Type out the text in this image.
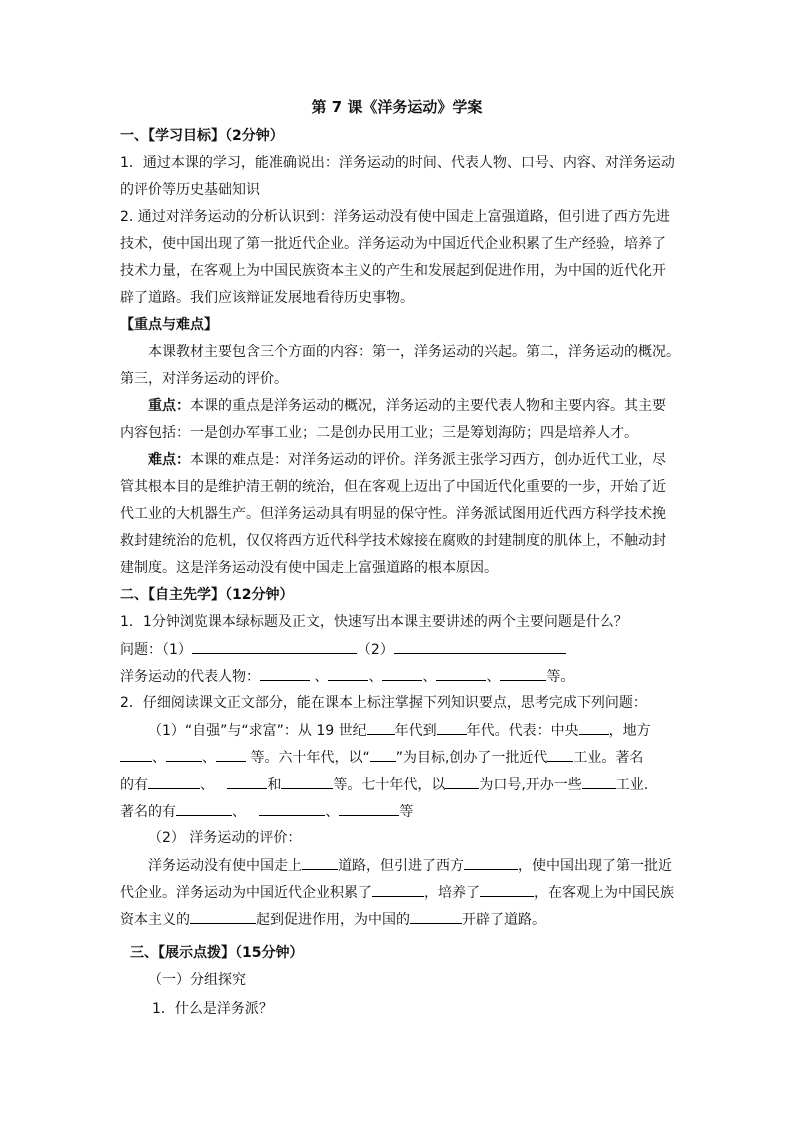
第 7 课《洋务运动》学案
一、【学习目标】（2分钟）
1．通过本课的学习，能准确说出：洋务运动的时间、代表人物、口号、内容、对洋务运动
的评价等历史基础知识
2. 通过对洋务运动的分析认识到：洋务运动没有使中国走上富强道路，但引进了西方先进
技术，使中国出现了第一批近代企业。洋务运动为中国近代企业积累了生产经验，培养了
技术力量，在客观上为中国民族资本主义的产生和发展起到促进作用，为中国的近代化开
辟了道路。我们应该辩证发展地看待历史事物。
【重点与难点】
本课教材主要包含三个方面的内容：第一，洋务运动的兴起。第二，洋务运动的概况。
第三，对洋务运动的评价。
重点：本课的重点是洋务运动的概况，洋务运动的主要代表人物和主要内容。其主要
内容包括：一是创办军事工业；二是创办民用工业；三是筹划海防；四是培养人才。
难点：本课的难点是：对洋务运动的评价。洋务派主张学习西方，创办近代工业，尽
管其根本目的是维护清王朝的统治，但在客观上迈出了中国近代化重要的一步，开始了近
代工业的大机器生产。但洋务运动具有明显的保守性。洋务派试图用近代西方科学技术挽
救封建统治的危机，仅仅将西方近代科学技术嫁接在腐败的封建制度的肌体上，不触动封
建制度。这是洋务运动没有使中国走上富强道路的根本原因。
二、【自主先学】（12分钟）
1．1分钟浏览课本绿标题及正文，快速写出本课主要讲述的两个主要问题是什么？
问题：（1）	（2）
洋务运动的代表人物：	、	、	、	、	等。
2．仔细阅读课文正文部分，能在课本上标注掌握下列知识要点，思考完成下列问题：
（1）“自强”与“求富”：从 19 世纪 年代到 年代。代表：中央 ，地方
、	、 等。六十年代，以“ ”为目标,创办了一批近代 工业。著名
的有	、	和	等。七十年代，以 为口号,开办一些 工业.
著名的有	、	、	等
（2） 洋务运动的评价：
洋务运动没有使中国走上	道路，但引进了西方	，使中国出现了第一批近
代企业。洋务运动为中国近代企业积累了	，培养了	，在客观上为中国民族
资本主义的	起到促进作用，为中国的	开辟了道路。
三、【展示点拨】（15分钟）
（一）分组探究
1．什么是洋务派？
